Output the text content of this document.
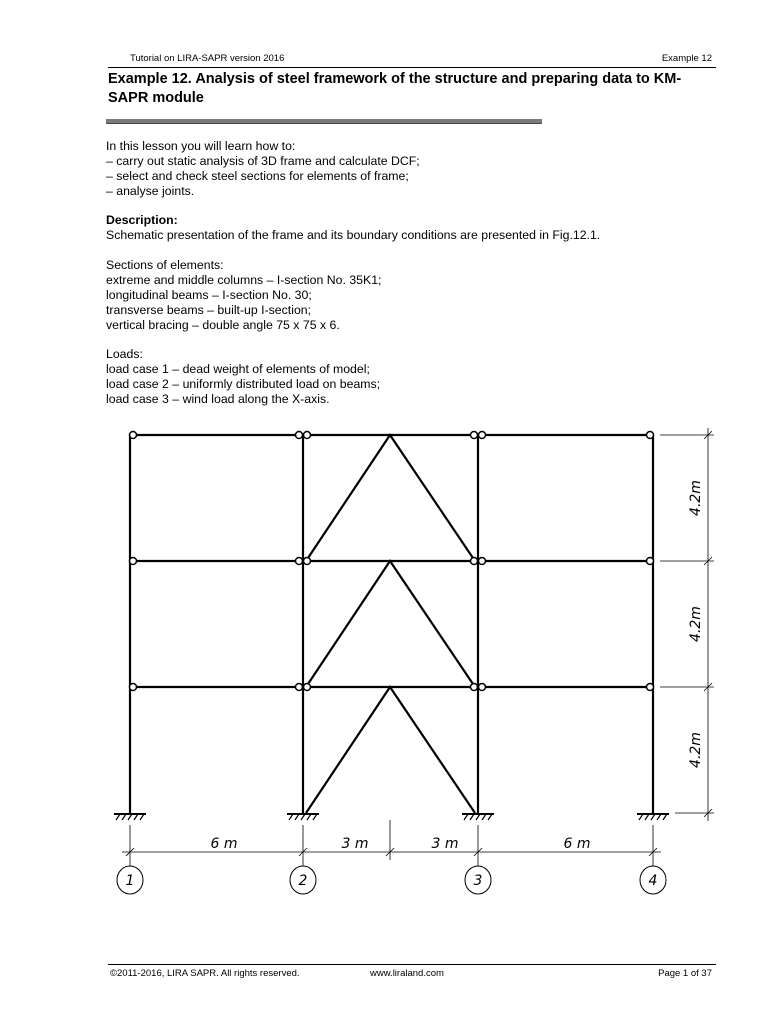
Tutorial on LIRA-SAPR version 2016	Example 12
Example 12. Analysis of steel framework of the structure and preparing data to KM-SAPR module

In this lesson you will learn how to:

– carry out static analysis of 3D frame and calculate DCF;

– select and check steel sections for elements of frame;

– analyse joints.

Description:

Schematic presentation of the frame and its boundary conditions are presented in Fig.12.1.

Sections of elements:

extreme and middle columns – I-section No. 35K1;

longitudinal beams – I-section No. 30;

transverse beams – built-up I-section;

vertical bracing – double angle 75 x 75 x 6.

Loads:

load case 1 – dead weight of elements of model;

load case 2 – uniformly distributed load on beams;

load case 3 – wind load along the X-axis.

6 m	3 m	3 m	6 m
4.2m
4.2m
4.2m
1	2	3	4
©2011-2016, LIRA SAPR. All rights reserved.	www.liraland.com	Page 1 of 37
